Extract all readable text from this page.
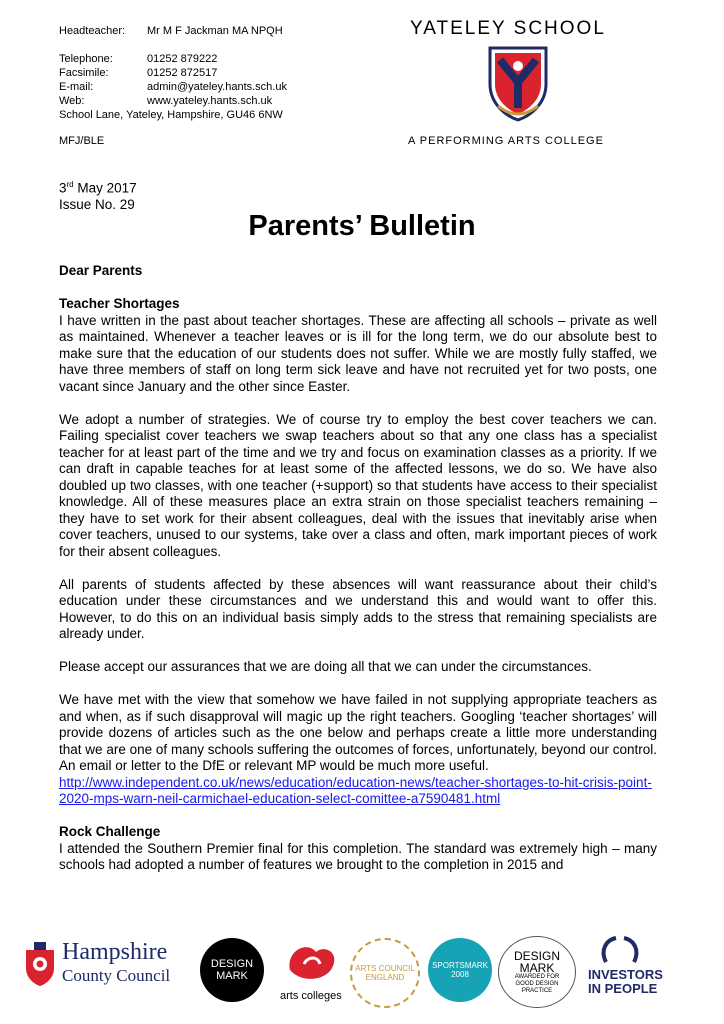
Headteacher:	Mr M F Jackman MA NPQH
Telephone:	01252 879222
Facsimile:	01252 872517
E-mail:	admin@yateley.hants.sch.uk
Web:	www.yateley.hants.sch.uk
School Lane, Yateley, Hampshire, GU46 6NW
MFJ/BLE
YATELEY SCHOOL
A PERFORMING ARTS COLLEGE
3rd May 2017
Issue No. 29
Parents’ Bulletin
Dear Parents
Teacher Shortages

I have written in the past about teacher shortages. These are affecting all schools – private as well as maintained. Whenever a teacher leaves or is ill for the long term, we do our absolute best to make sure that the education of our students does not suffer. While we are mostly fully staffed, we have three members of staff on long term sick leave and have not recruited yet for two posts, one vacant since January and the other since Easter.

We adopt a number of strategies. We of course try to employ the best cover teachers we can. Failing specialist cover teachers we swap teachers about so that any one class has a specialist teacher for at least part of the time and we try and focus on examination classes as a priority. If we can draft in capable teaches for at least some of the affected lessons, we do so. We have also doubled up two classes, with one teacher (+support) so that students have access to their specialist knowledge. All of these measures place an extra strain on those specialist teachers remaining – they have to set work for their absent colleagues, deal with the issues that inevitably arise when cover teachers, unused to our systems, take over a class and often, mark important pieces of work for their absent colleagues.

All parents of students affected by these absences will want reassurance about their child’s education under these circumstances and we understand this and would want to offer this. However, to do this on an individual basis simply adds to the stress that remaining specialists are already under.

Please accept our assurances that we are doing all that we can under the circumstances.

We have met with the view that somehow we have failed in not supplying appropriate teachers as and when, as if such disapproval will magic up the right teachers. Googling ‘teacher shortages’ will provide dozens of articles such as the one below and perhaps create a little more understanding that we are one of many schools suffering the outcomes of forces, unfortunately, beyond our control. An email or letter to the DfE or relevant MP would be much more useful.

http://www.independent.co.uk/news/education/education-news/teacher-shortages-to-hit-crisis-point-2020-mps-warn-neil-carmichael-education-select-comittee-a7590481.html

Rock Challenge

I attended the Southern Premier final for this completion. The standard was extremely high – many schools had adopted a number of features we brought to the completion in 2015 and

Hampshire
County Council
DESIGN MARK
arts colleges
ARTS COUNCIL
ENGLAND
SPORTSMARK 2008
DESIGN MARK
AWARDED FOR GOOD DESIGN PRACTICE
INVESTORS
IN PEOPLE
